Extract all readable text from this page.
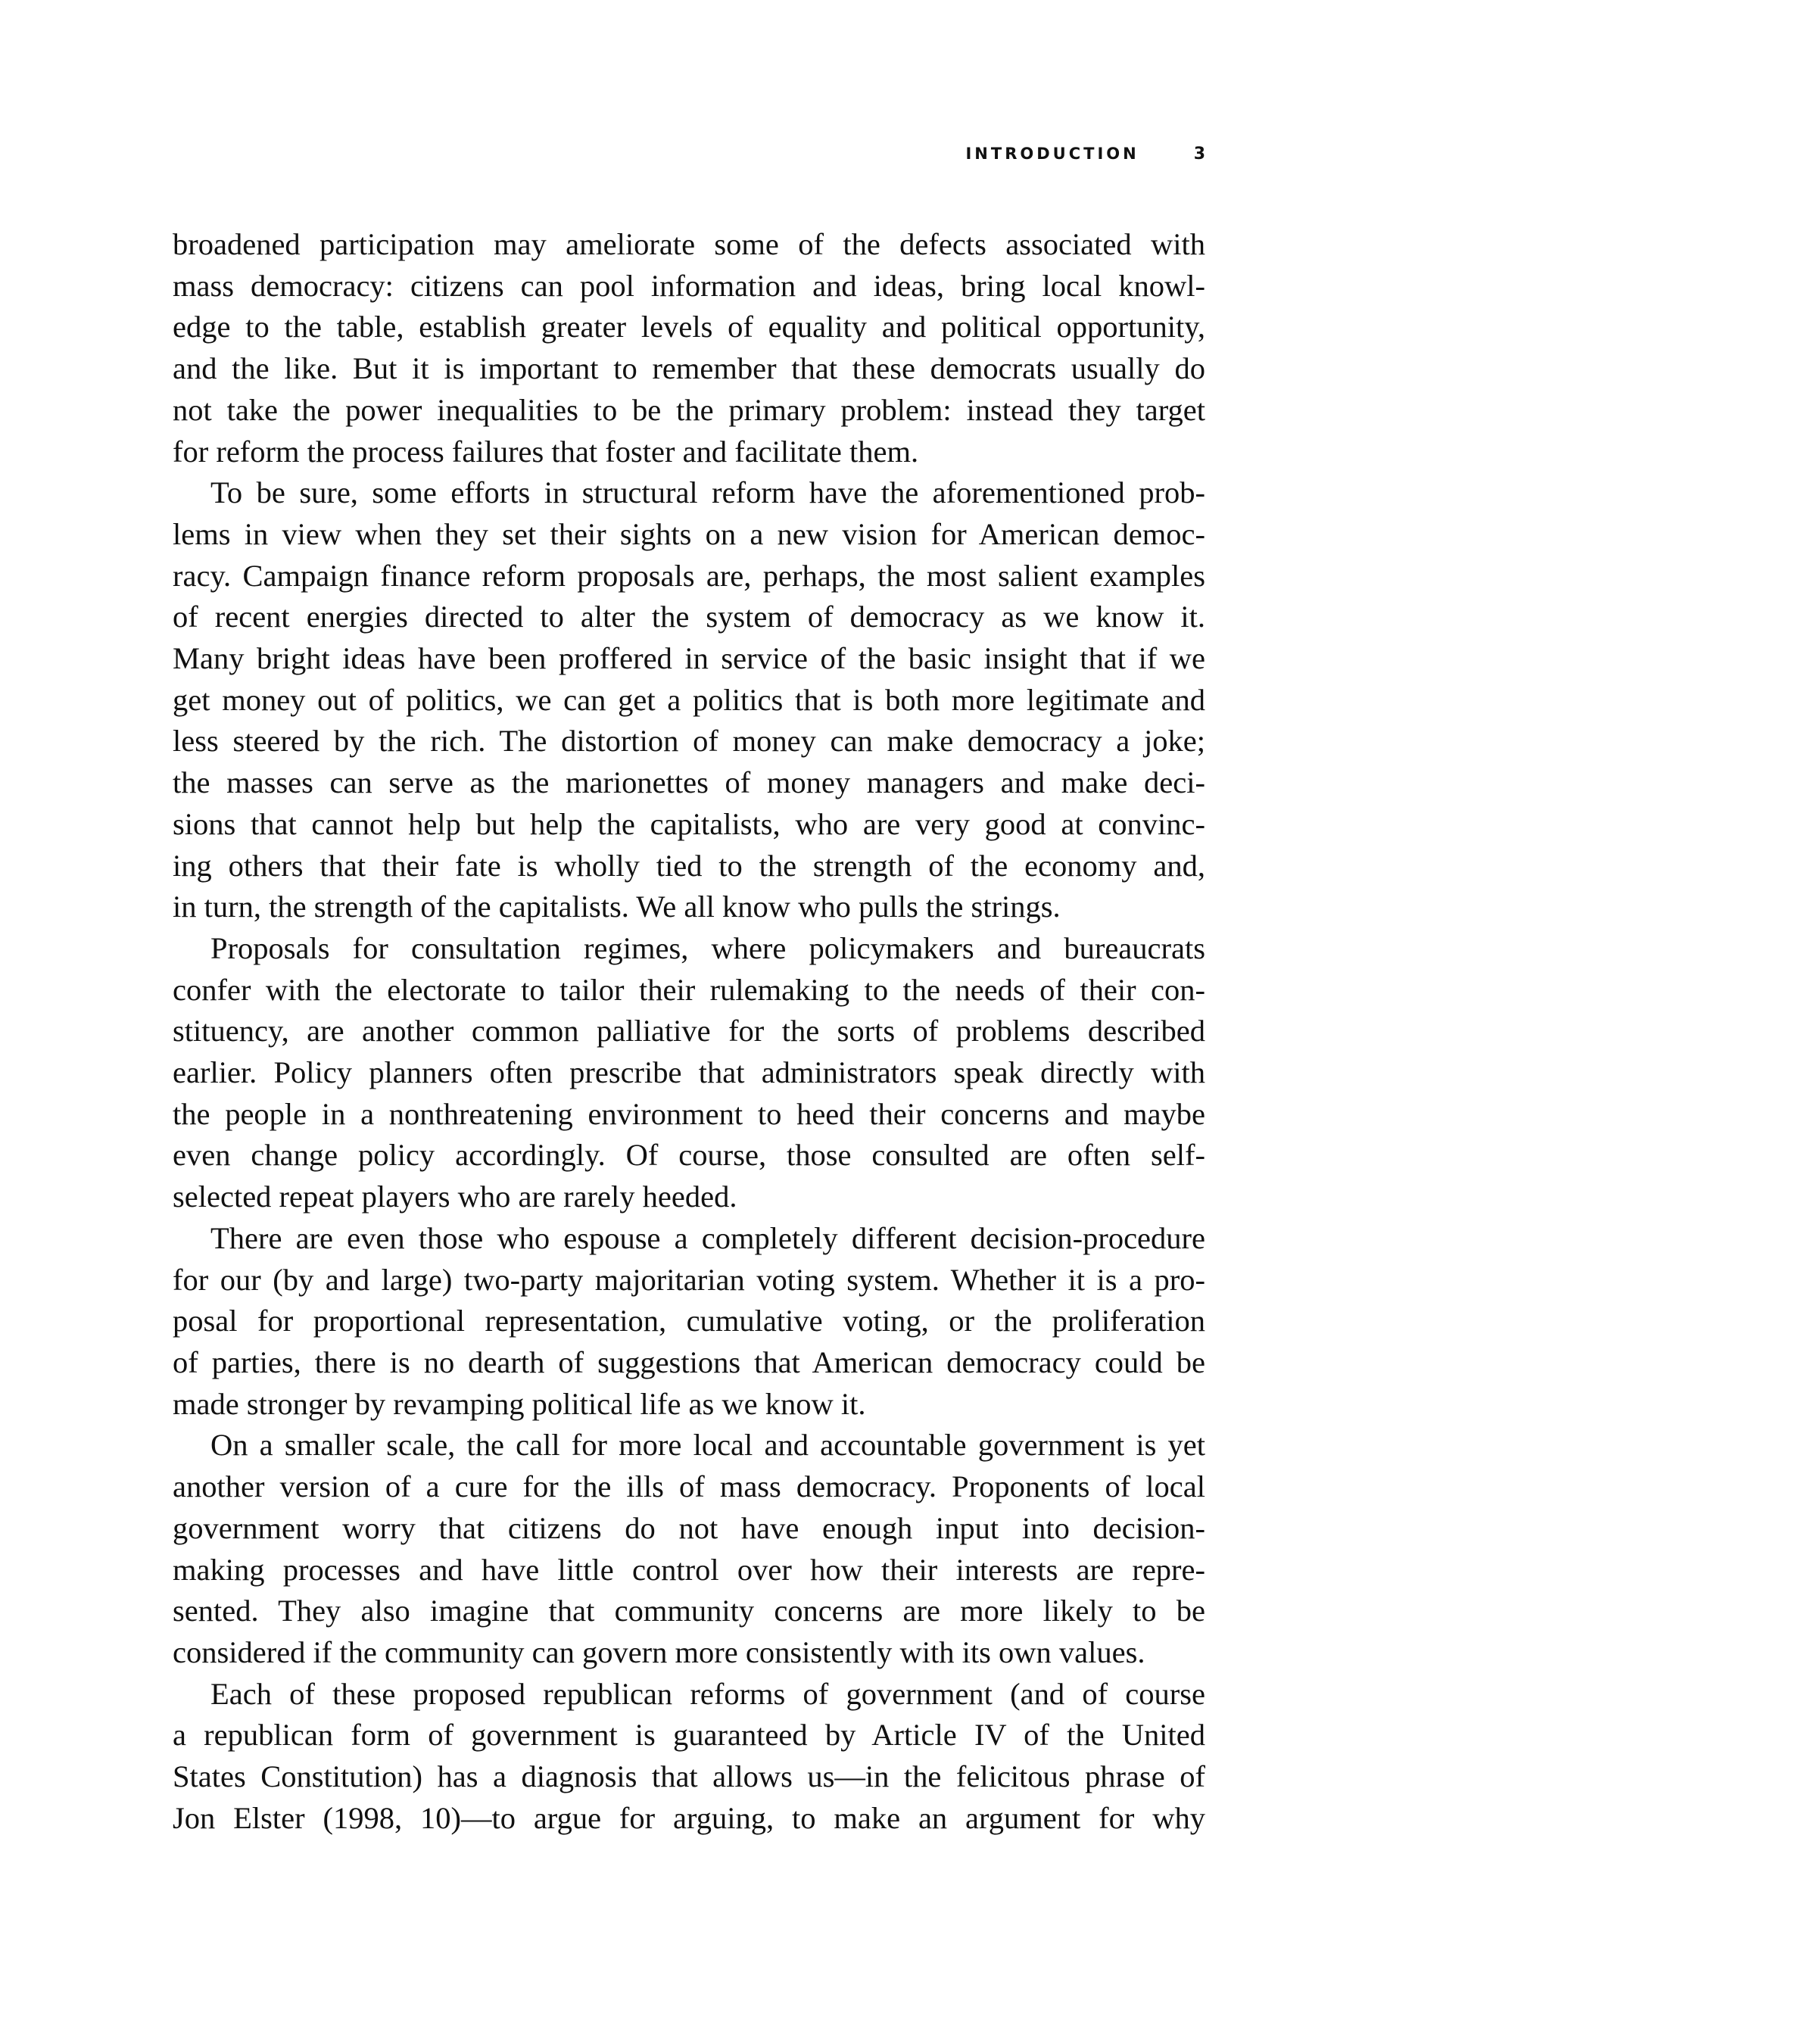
INTRODUCTION	3

broadened participation may ameliorate some of the defects associated with

mass democracy: citizens can pool information and ideas, bring local knowl-

edge to the table, establish greater levels of equality and political opportunity,

and the like. But it is important to remember that these democrats usually do

not take the power inequalities to be the primary problem: instead they target

for reform the process failures that foster and facilitate them.

To be sure, some efforts in structural reform have the aforementioned prob-

lems in view when they set their sights on a new vision for American democ-

racy. Campaign finance reform proposals are, perhaps, the most salient examples

of recent energies directed to alter the system of democracy as we know it.

Many bright ideas have been proffered in service of the basic insight that if we

get money out of politics, we can get a politics that is both more legitimate and

less steered by the rich. The distortion of money can make democracy a joke;

the masses can serve as the marionettes of money managers and make deci-

sions that cannot help but help the capitalists, who are very good at convinc-

ing others that their fate is wholly tied to the strength of the economy and,

in turn, the strength of the capitalists. We all know who pulls the strings.

Proposals for consultation regimes, where policymakers and bureaucrats

confer with the electorate to tailor their rulemaking to the needs of their con-

stituency, are another common palliative for the sorts of problems described

earlier. Policy planners often prescribe that administrators speak directly with

the people in a nonthreatening environment to heed their concerns and maybe

even change policy accordingly. Of course, those consulted are often self-

selected repeat players who are rarely heeded.

There are even those who espouse a completely different decision-procedure

for our (by and large) two-party majoritarian voting system. Whether it is a pro-

posal for proportional representation, cumulative voting, or the proliferation

of parties, there is no dearth of suggestions that American democracy could be

made stronger by revamping political life as we know it.

On a smaller scale, the call for more local and accountable government is yet

another version of a cure for the ills of mass democracy. Proponents of local

government worry that citizens do not have enough input into decision-

making processes and have little control over how their interests are repre-

sented. They also imagine that community concerns are more likely to be

considered if the community can govern more consistently with its own values.

Each of these proposed republican reforms of government (and of course

a republican form of government is guaranteed by Article IV of the United

States Constitution) has a diagnosis that allows us—in the felicitous phrase of

Jon Elster (1998, 10)—to argue for arguing, to make an argument for why
